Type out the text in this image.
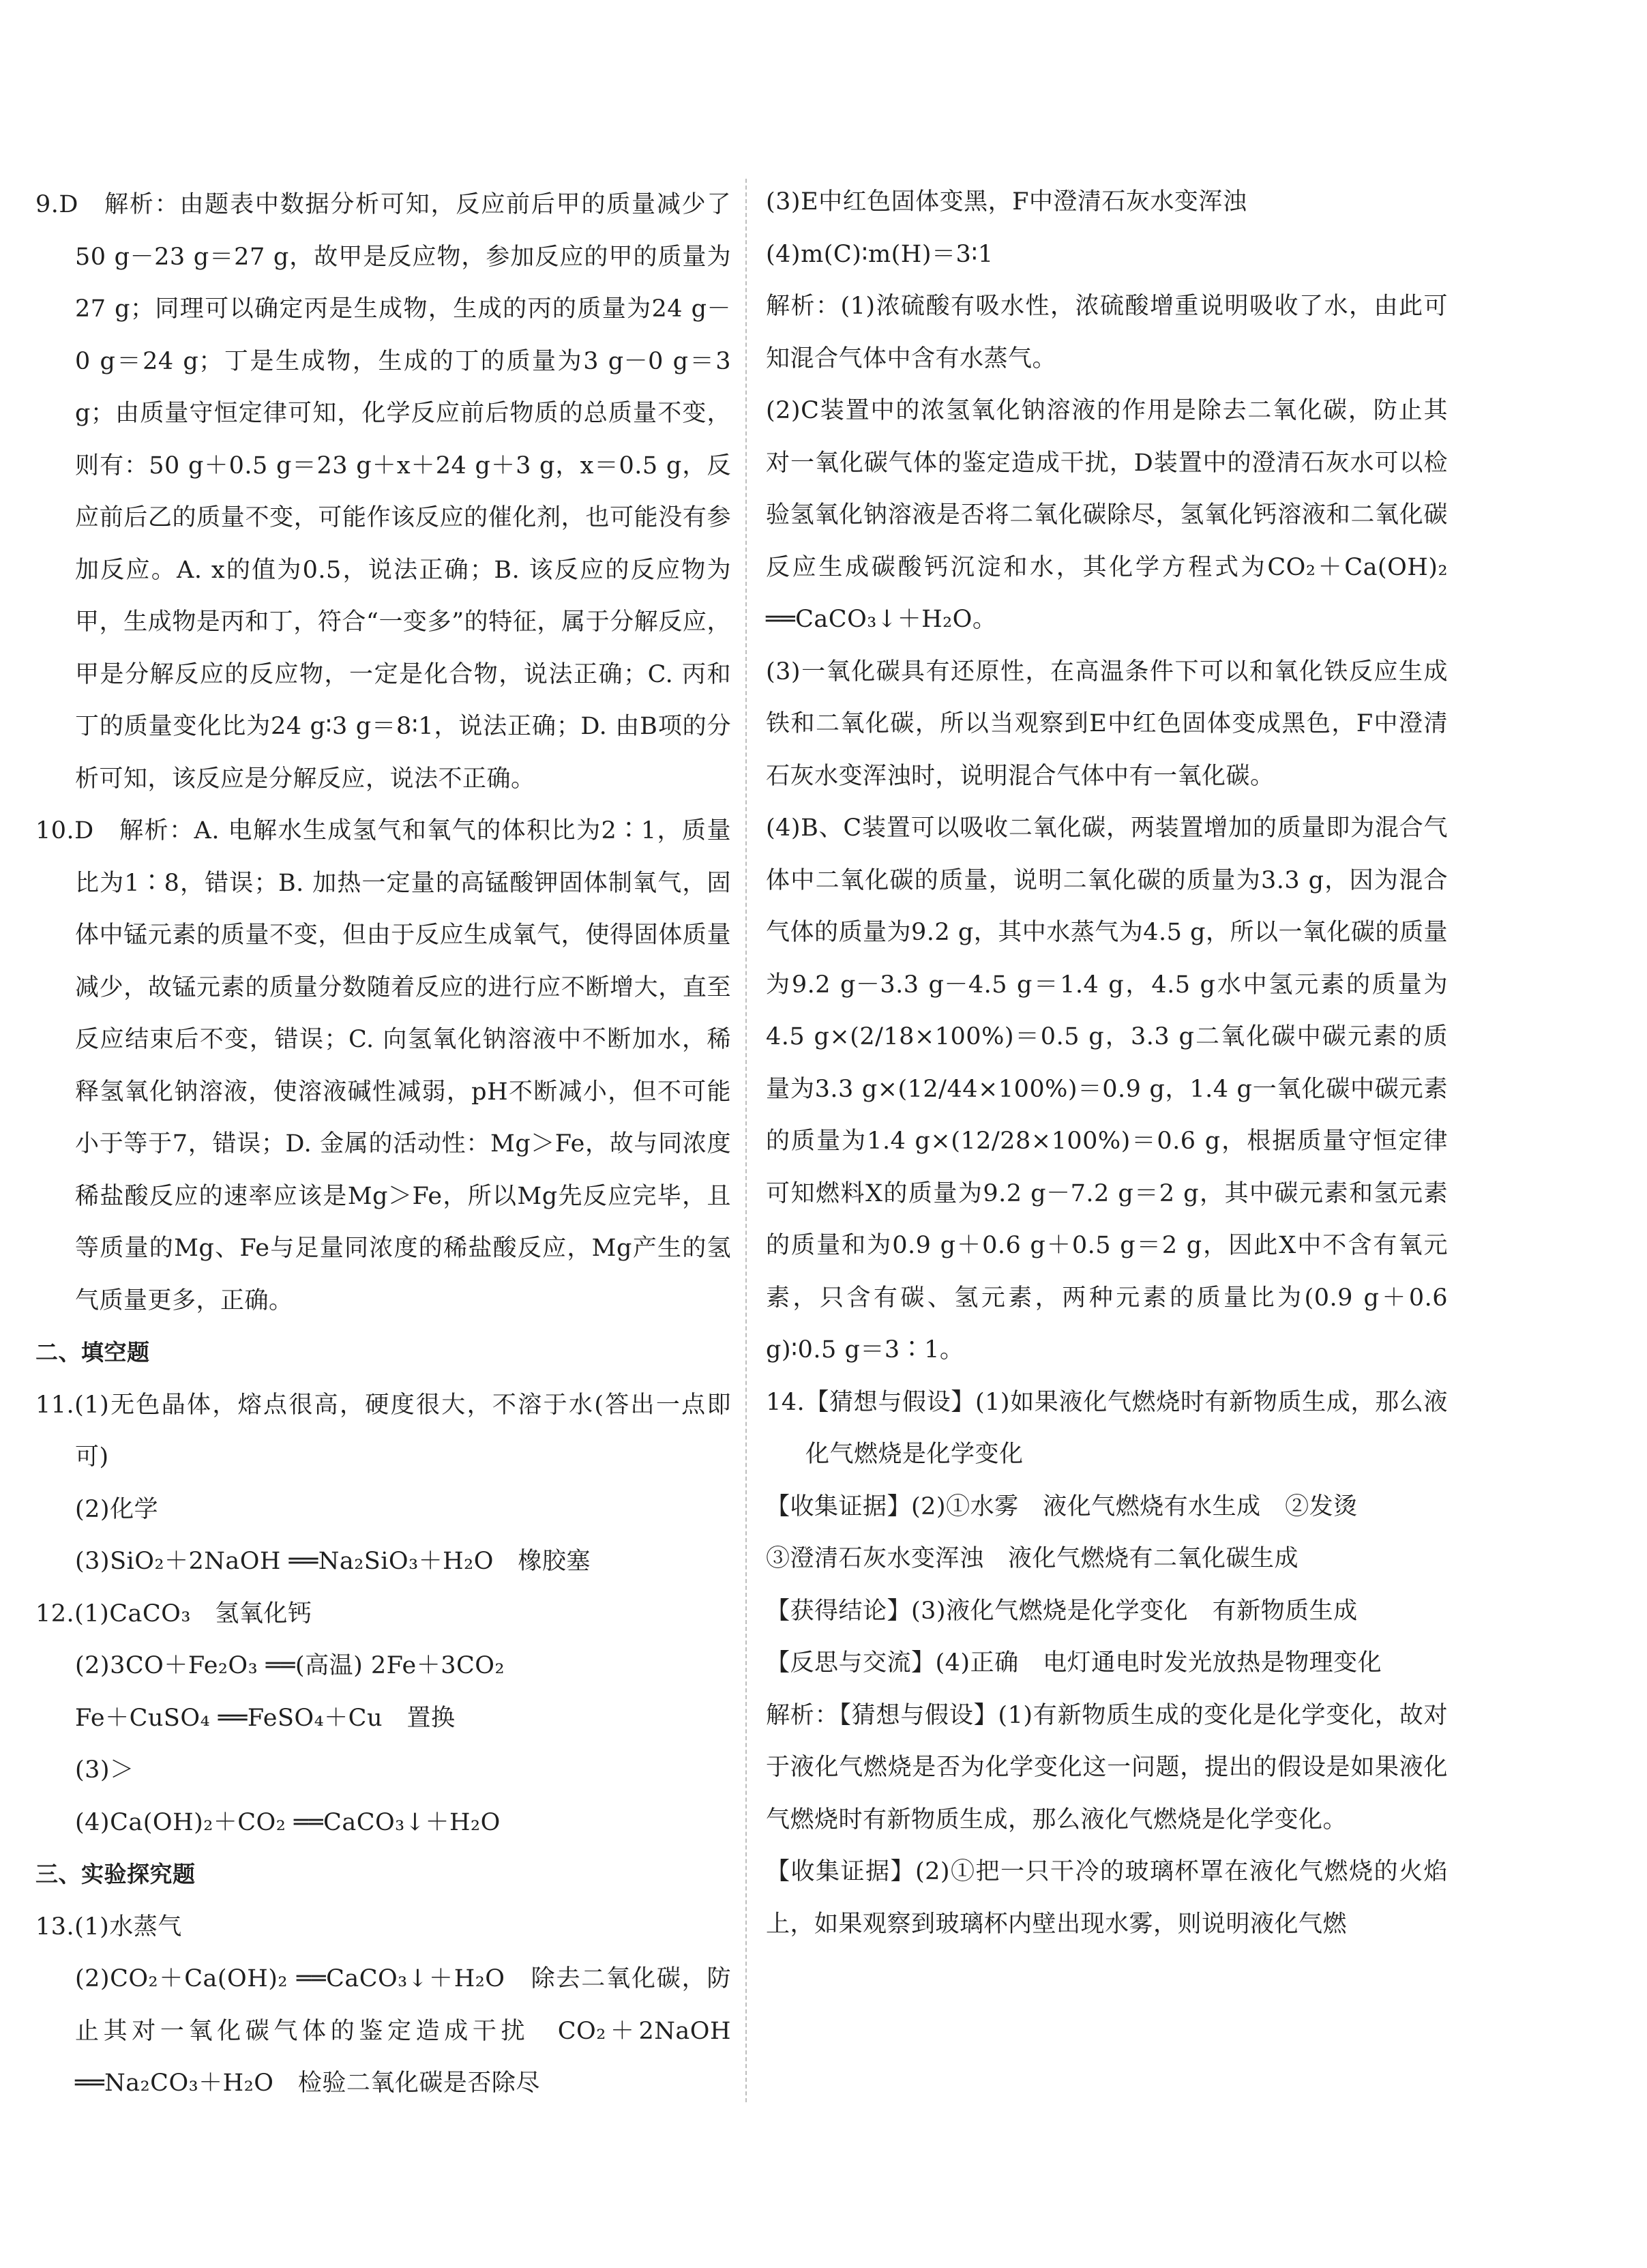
9.D　解析：由题表中数据分析可知，反应前后甲的质量减少了50 g－23 g＝27 g，故甲是反应物，参加反应的甲的质量为27 g；同理可以确定丙是生成物，生成的丙的质量为24 g－0 g＝24 g；丁是生成物，生成的丁的质量为3 g－0 g＝3 g；由质量守恒定律可知，化学反应前后物质的总质量不变，则有：50 g＋0.5 g＝23 g＋x＋24 g＋3 g，x＝0.5 g，反应前后乙的质量不变，可能作该反应的催化剂，也可能没有参加反应。A. x的值为0.5，说法正确；B. 该反应的反应物为甲，生成物是丙和丁，符合“一变多”的特征，属于分解反应，甲是分解反应的反应物，一定是化合物，说法正确；C. 丙和丁的质量变化比为24 g∶3 g＝8∶1，说法正确；D. 由B项的分析可知，该反应是分解反应，说法不正确。

10.D　解析：A. 电解水生成氢气和氧气的体积比为2∶1，质量比为1∶8，错误；B. 加热一定量的高锰酸钾固体制氧气，固体中锰元素的质量不变，但由于反应生成氧气，使得固体质量减少，故锰元素的质量分数随着反应的进行应不断增大，直至反应结束后不变，错误；C. 向氢氧化钠溶液中不断加水，稀释氢氧化钠溶液，使溶液碱性减弱，pH不断减小，但不可能小于等于7，错误；D. 金属的活动性：Mg＞Fe，故与同浓度稀盐酸反应的速率应该是Mg＞Fe，所以Mg先反应完毕，且等质量的Mg、Fe与足量同浓度的稀盐酸反应，Mg产生的氢气质量更多，正确。

二、填空题

11.(1)无色晶体，熔点很高，硬度很大，不溶于水(答出一点即可)

(2)化学

(3)SiO₂＋2NaOH ══Na₂SiO₃＋H₂O　橡胶塞

12.(1)CaCO₃　氢氧化钙

(2)3CO＋Fe₂O₃ ══(高温) 2Fe＋3CO₂

Fe＋CuSO₄ ══FeSO₄＋Cu　置换

(3)＞

(4)Ca(OH)₂＋CO₂ ══CaCO₃↓＋H₂O

三、实验探究题

13.(1)水蒸气

(2)CO₂＋Ca(OH)₂ ══CaCO₃↓＋H₂O　除去二氧化碳，防止其对一氧化碳气体的鉴定造成干扰　CO₂＋2NaOH ══Na₂CO₃＋H₂O　检验二氧化碳是否除尽

(3)E中红色固体变黑，F中澄清石灰水变浑浊

(4)m(C)∶m(H)＝3∶1

解析：(1)浓硫酸有吸水性，浓硫酸增重说明吸收了水，由此可知混合气体中含有水蒸气。

(2)C装置中的浓氢氧化钠溶液的作用是除去二氧化碳，防止其对一氧化碳气体的鉴定造成干扰，D装置中的澄清石灰水可以检验氢氧化钠溶液是否将二氧化碳除尽，氢氧化钙溶液和二氧化碳反应生成碳酸钙沉淀和水，其化学方程式为CO₂＋Ca(OH)₂ ══CaCO₃↓＋H₂O。

(3)一氧化碳具有还原性，在高温条件下可以和氧化铁反应生成铁和二氧化碳，所以当观察到E中红色固体变成黑色，F中澄清石灰水变浑浊时，说明混合气体中有一氧化碳。

(4)B、C装置可以吸收二氧化碳，两装置增加的质量即为混合气体中二氧化碳的质量，说明二氧化碳的质量为3.3 g，因为混合气体的质量为9.2 g，其中水蒸气为4.5 g，所以一氧化碳的质量为9.2 g－3.3 g－4.5 g＝1.4 g，4.5 g水中氢元素的质量为4.5 g×(2/18×100%)＝0.5 g，3.3 g二氧化碳中碳元素的质量为3.3 g×(12/44×100%)＝0.9 g，1.4 g一氧化碳中碳元素的质量为1.4 g×(12/28×100%)＝0.6 g，根据质量守恒定律可知燃料X的质量为9.2 g－7.2 g＝2 g，其中碳元素和氢元素的质量和为0.9 g＋0.6 g＋0.5 g＝2 g，因此X中不含有氧元素，只含有碳、氢元素，两种元素的质量比为(0.9 g＋0.6 g)∶0.5 g＝3∶1。

14.【猜想与假设】(1)如果液化气燃烧时有新物质生成，那么液化气燃烧是化学变化

【收集证据】(2)①水雾　液化气燃烧有水生成　②发烫

③澄清石灰水变浑浊　液化气燃烧有二氧化碳生成

【获得结论】(3)液化气燃烧是化学变化　有新物质生成

【反思与交流】(4)正确　电灯通电时发光放热是物理变化

解析：【猜想与假设】(1)有新物质生成的变化是化学变化，故对于液化气燃烧是否为化学变化这一问题，提出的假设是如果液化气燃烧时有新物质生成，那么液化气燃烧是化学变化。

【收集证据】(2)①把一只干冷的玻璃杯罩在液化气燃烧的火焰上，如果观察到玻璃杯内壁出现水雾，则说明液化气燃
